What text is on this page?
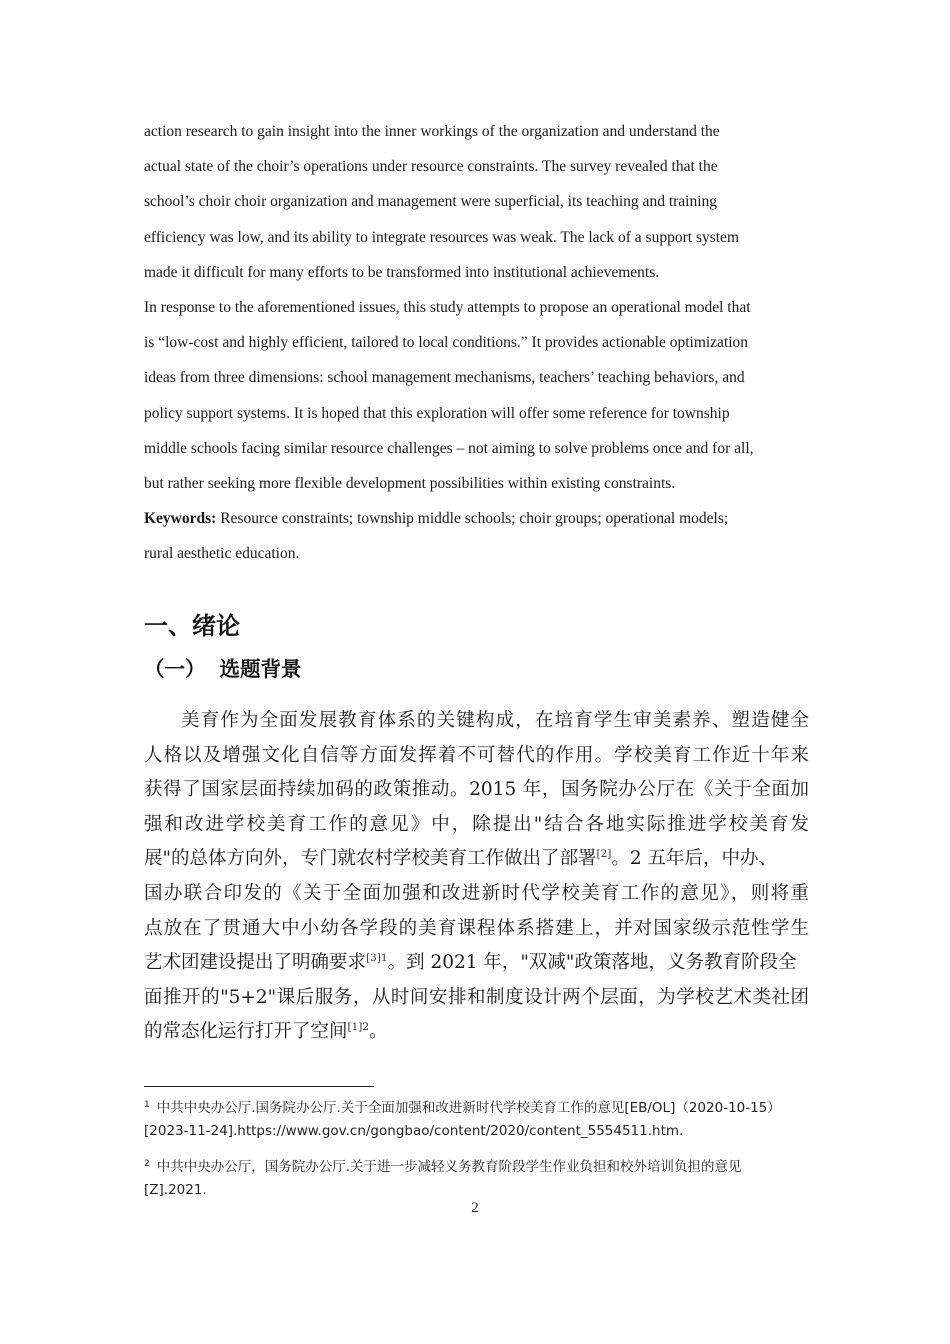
action research to gain insight into the inner workings of the organization and understand the

actual state of the choir’s operations under resource constraints. The survey revealed that the

school’s choir choir organization and management were superficial, its teaching and training

efficiency was low, and its ability to integrate resources was weak. The lack of a support system

made it difficult for many efforts to be transformed into institutional achievements.

In response to the aforementioned issues, this study attempts to propose an operational model that

is “low-cost and highly efficient, tailored to local conditions.” It provides actionable optimization

ideas from three dimensions: school management mechanisms, teachers’ teaching behaviors, and

policy support systems. It is hoped that this exploration will offer some reference for township

middle schools facing similar resource challenges – not aiming to solve problems once and for all,

but rather seeking more flexible development possibilities within existing constraints.

Keywords: Resource constraints; township middle schools; choir groups; operational models;

rural aesthetic education.

一、绪论
（一） 选题背景
美育作为全面发展教育体系的关键构成，在培育学生审美素养、塑造健全
人格以及增强文化自信等方面发挥着不可替代的作用。学校美育工作近十年来
获得了国家层面持续加码的政策推动。2015 年，国务院办公厅在《关于全面加
强和改进学校美育工作的意见》中，除提出"结合各地实际推进学校美育发
展"的总体方向外，专门就农村学校美育工作做出了部署[2]。2 五年后，中办、
国办联合印发的《关于全面加强和改进新时代学校美育工作的意见》，则将重
点放在了贯通大中小幼各学段的美育课程体系搭建上，并对国家级示范性学生
艺术团建设提出了明确要求$^{[3]1}$。到 2021 年，"双减"政策落地，义务教育阶段全
面推开的"5+2"课后服务，从时间安排和制度设计两个层面，为学校艺术类社团
的常态化运行打开了空间$^{[1]2}$。
$^1$ 中共中央办公厅.国务院办公厅.关于全面加强和改进新时代学校美育工作的意见[EB/OL]（2020-10-15）
[2023-11-24].https://www.gov.cn/gongbao/content/2020/content_5554511.htm.
$^2$ 中共中央办公厅，国务院办公厅.关于进一步减轻义务教育阶段学生作业负担和校外培训负担的意见
[Z].2021.
2
